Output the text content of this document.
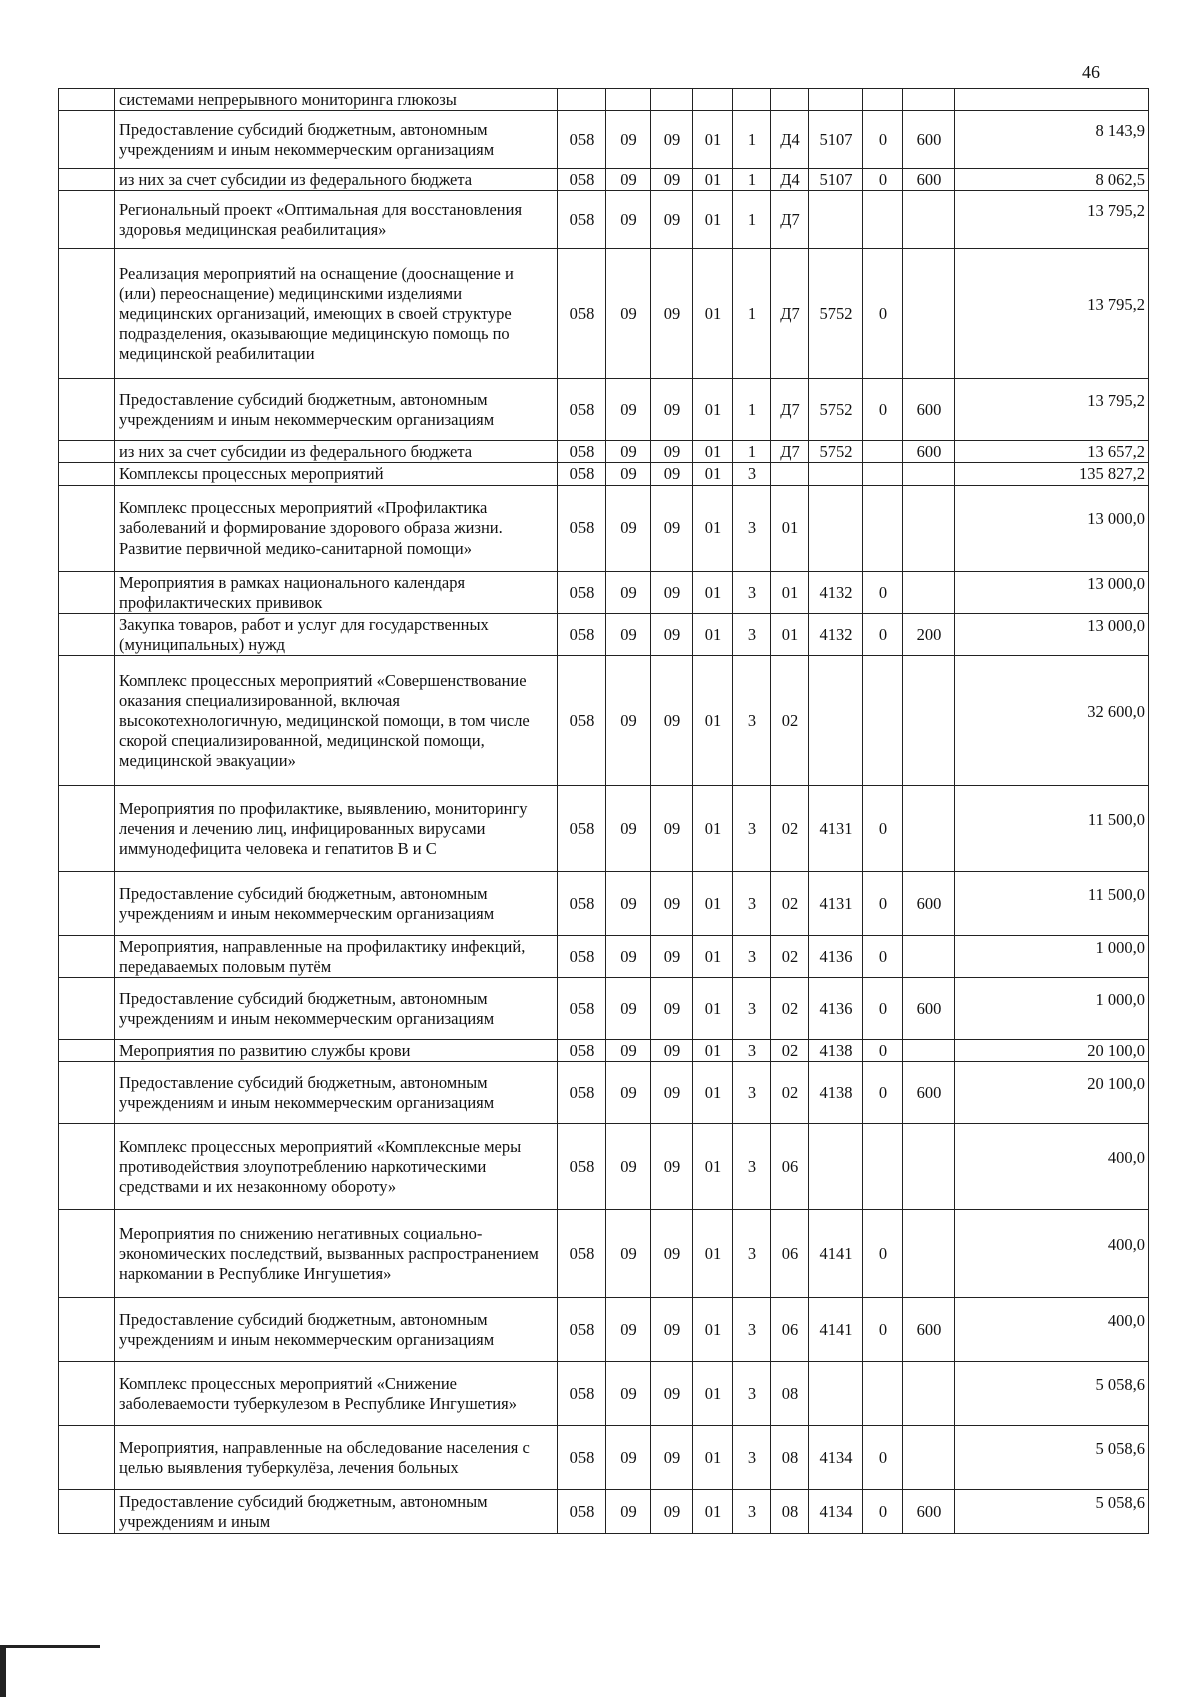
46
	системами непрерывного мониторинга глюкозы										
	Предоставление субсидий бюджетным, автономным учреждениям и иным некоммерческим организациям	058	09	09	01	1	Д4	5107	0	600	8 143,9
	из них за счет субсидии из федерального бюджета	058	09	09	01	1	Д4	5107	0	600	8 062,5
	Региональный проект «Оптимальная для восстановления здоровья медицинская реабилитация»	058	09	09	01	1	Д7				13 795,2
	Реализация мероприятий на оснащение (дооснащение и (или) переоснащение) медицинскими изделиями медицинских организаций, имеющих в своей структуре подразделения, оказывающие медицинскую помощь по медицинской реабилитации	058	09	09	01	1	Д7	5752	0		13 795,2
	Предоставление субсидий бюджетным, автономным учреждениям и иным некоммерческим организациям	058	09	09	01	1	Д7	5752	0	600	13 795,2
	из них за счет субсидии из федерального бюджета	058	09	09	01	1	Д7	5752		600	13 657,2
	Комплексы процессных мероприятий	058	09	09	01	3					135 827,2
	Комплекс процессных мероприятий «Профилактика заболеваний и формирование здорового образа жизни. Развитие первичной медико-санитарной помощи»	058	09	09	01	3	01				13 000,0
	Мероприятия в рамках национального календаря профилактических прививок	058	09	09	01	3	01	4132	0		13 000,0
	Закупка товаров, работ и услуг для государственных (муниципальных) нужд	058	09	09	01	3	01	4132	0	200	13 000,0
	Комплекс процессных мероприятий «Совершенствование оказания специализированной, включая высокотехнологичную, медицинской помощи, в том числе скорой специализированной, медицинской помощи, медицинской эвакуации»	058	09	09	01	3	02				32 600,0
	Мероприятия по профилактике, выявлению, мониторингу лечения и лечению лиц, инфицированных вирусами иммунодефицита человека и гепатитов В и С	058	09	09	01	3	02	4131	0		11 500,0
	Предоставление субсидий бюджетным, автономным учреждениям и иным некоммерческим организациям	058	09	09	01	3	02	4131	0	600	11 500,0
	Мероприятия, направленные на профилактику инфекций, передаваемых половым путём	058	09	09	01	3	02	4136	0		1 000,0
	Предоставление субсидий бюджетным, автономным учреждениям и иным некоммерческим организациям	058	09	09	01	3	02	4136	0	600	1 000,0
	Мероприятия по развитию службы крови	058	09	09	01	3	02	4138	0		20 100,0
	Предоставление субсидий бюджетным, автономным учреждениям и иным некоммерческим организациям	058	09	09	01	3	02	4138	0	600	20 100,0
	Комплекс процессных мероприятий «Комплексные меры противодействия злоупотреблению наркотическими средствами и их незаконному обороту»	058	09	09	01	3	06				400,0
	Мероприятия по снижению негативных социально-экономических последствий, вызванных распространением наркомании в Республике Ингушетия»	058	09	09	01	3	06	4141	0		400,0
	Предоставление субсидий бюджетным, автономным учреждениям и иным некоммерческим организациям	058	09	09	01	3	06	4141	0	600	400,0
	Комплекс процессных мероприятий «Снижение заболеваемости туберкулезом в Республике Ингушетия»	058	09	09	01	3	08				5 058,6
	Мероприятия, направленные на обследование населения с целью выявления туберкулёза, лечения больных	058	09	09	01	3	08	4134	0		5 058,6
	Предоставление субсидий бюджетным, автономным учреждениям и иным	058	09	09	01	3	08	4134	0	600	5 058,6
